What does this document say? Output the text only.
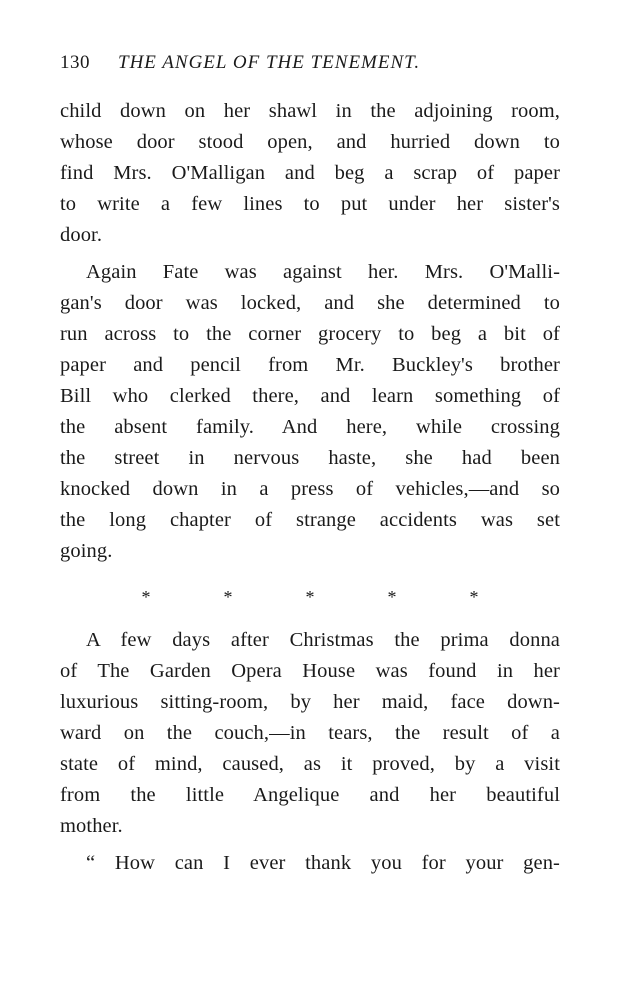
130 THE ANGEL OF THE TENEMENT.
child down on her shawl in the adjoining room,
whose door stood open, and hurried down to
find Mrs. O'Malligan and beg a scrap of paper
to write a few lines to put under her sister's
door.
Again Fate was against her. Mrs. O'Malli-
gan's door was locked, and she determined to
run across to the corner grocery to beg a bit of
paper and pencil from Mr. Buckley's brother
Bill who clerked there, and learn something of
the absent family. And here, while crossing
the street in nervous haste, she had been
knocked down in a press of vehicles,—and so
the long chapter of strange accidents was set
going.
*	*	*	*	*
A few days after Christmas the prima donna
of The Garden Opera House was found in her
luxurious sitting-room, by her maid, face down-
ward on the couch,—in tears, the result of a
state of mind, caused, as it proved, by a visit
from the little Angelique and her beautiful
mother.
“ How can I ever thank you for your gen-
